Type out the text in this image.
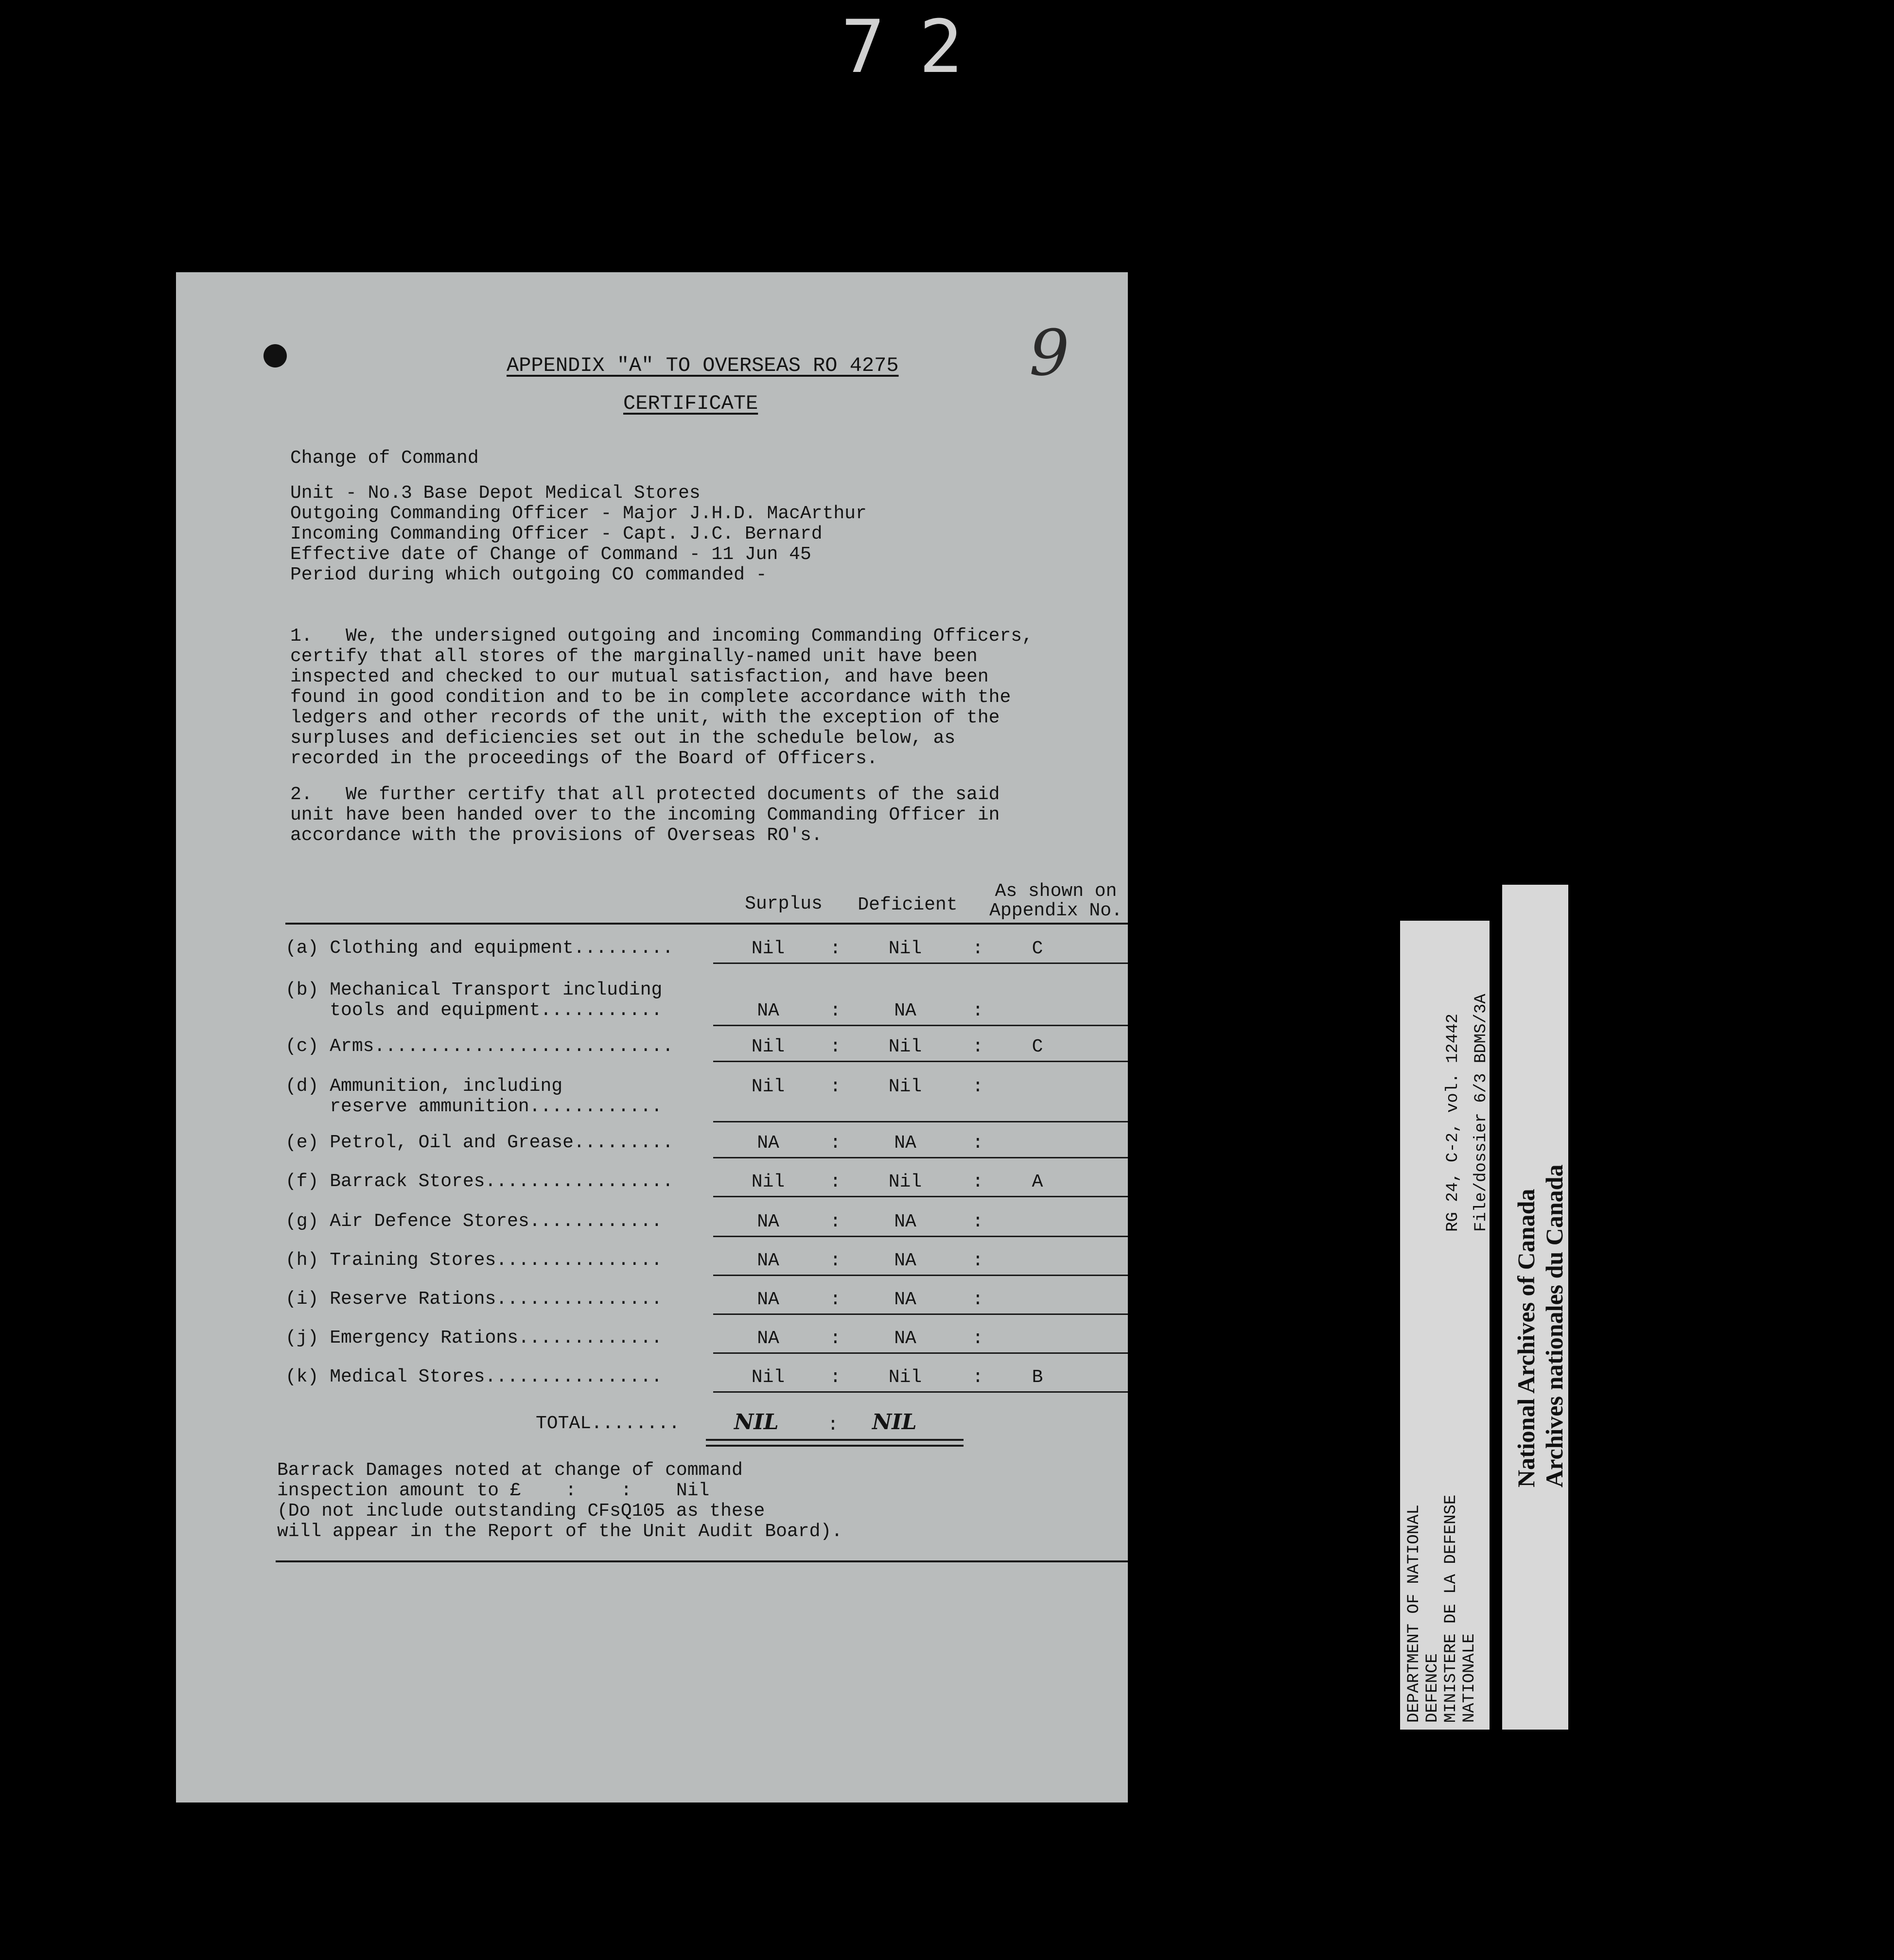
72
9
APPENDIX "A" TO OVERSEAS RO 4275
CERTIFICATE
Change of Command
Unit - No.3 Base Depot Medical Stores
Outgoing Commanding Officer - Major J.H.D. MacArthur
Incoming Commanding Officer - Capt. J.C. Bernard
Effective date of Change of Command - 11 Jun 45
Period during which outgoing CO commanded -
1.   We, the undersigned outgoing and incoming Commanding Officers,
certify that all stores of the marginally-named unit have been
inspected and checked to our mutual satisfaction, and have been
found in good condition and to be in complete accordance with the
ledgers and other records of the unit, with the exception of the
surpluses and deficiencies set out in the schedule below, as
recorded in the proceedings of the Board of Officers.
2.   We further certify that all protected documents of the said
unit have been handed over to the incoming Commanding Officer in
accordance with the provisions of Overseas RO's.
Surplus	Deficient
As shown on
Appendix No.
(a) Clothing and equipment.........	Nil	:	Nil	:	C
(b) Mechanical Transport including
tools and equipment...........	NA	:	NA	:
(c) Arms...........................	Nil	:	Nil	:	C
(d) Ammunition, including
reserve ammunition............
Nil	:	Nil	:
(e) Petrol, Oil and Grease.........	NA	:	NA	:
(f) Barrack Stores.................	Nil	:	Nil	:	A
(g) Air Defence Stores............	NA	:	NA	:
(h) Training Stores...............	NA	:	NA	:
(i) Reserve Rations...............	NA	:	NA	:
(j) Emergency Rations.............	NA	:	NA	:
(k) Medical Stores................	Nil	:	Nil	:	B
TOTAL........	NIL	: NIL
Barrack Damages noted at change of command
inspection amount to £    :    :    Nil
(Do not include outstanding CFsQ105 as these
will appear in the Report of the Unit Audit Board).	DEPARTMENT OF NATIONAL DEFENCE MINISTERE DE LA DEFENSE NATIONALE
RG 24, C-2, vol. 12442 File/dossier 6/3 BDMS/3A
National Archives of Canada Archives nationales du Canada
